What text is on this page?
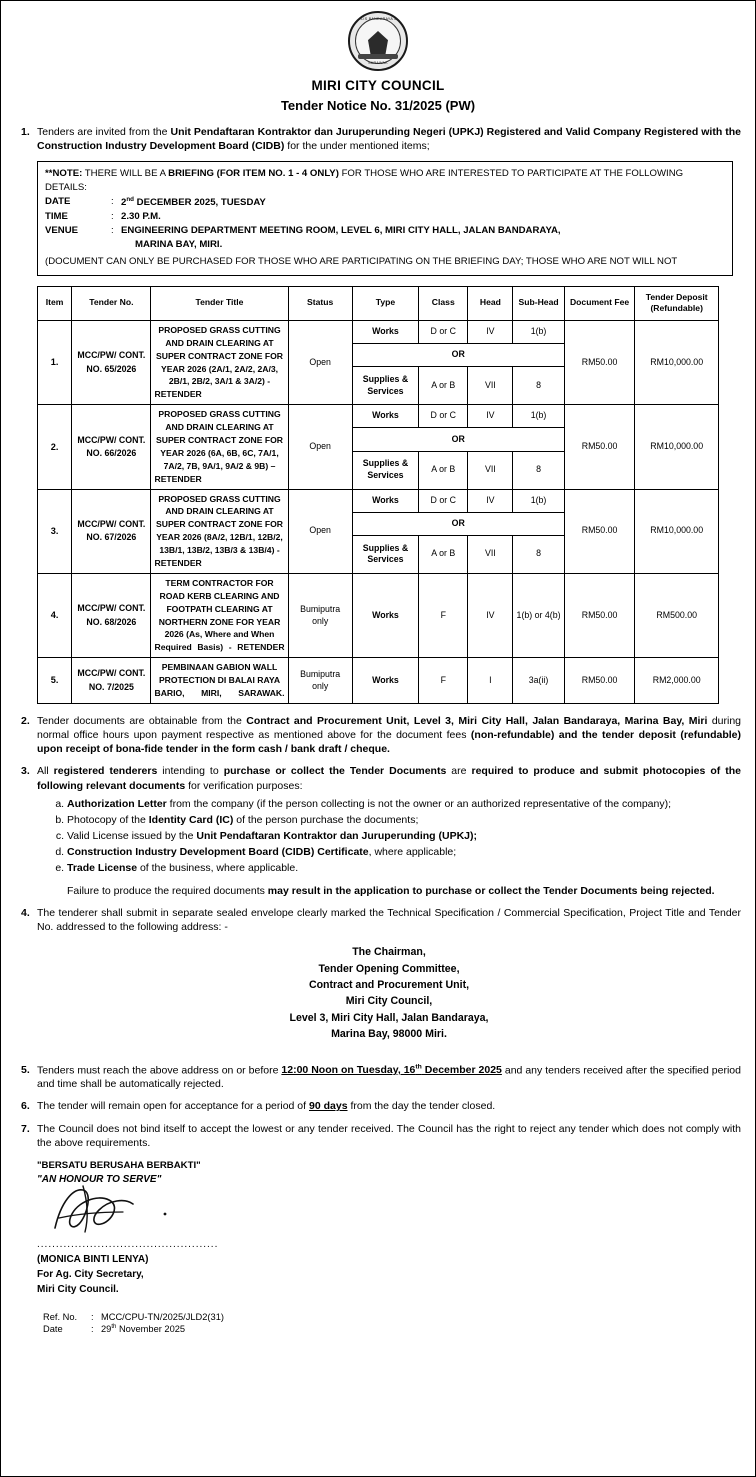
MAJLIS BANDARAYA MIRI
SARAWAK
MIRI CITY COUNCIL
Tender Notice No. 31/2025 (PW)
1. Tenders are invited from the Unit Pendaftaran Kontraktor dan Juruperunding Negeri (UPKJ) Registered and Valid Company Registered with the Construction Industry Development Board (CIDB) for the under mentioned items;
**NOTE: THERE WILL BE A BRIEFING (FOR ITEM NO. 1 - 4 ONLY) FOR THOSE WHO ARE INTERESTED TO PARTICIPATE AT THE FOLLOWING DETAILS:
DATE	: 2nd DECEMBER 2025, TUESDAY
TIME	: 2.30 P.M.
VENUE	: ENGINEERING DEPARTMENT MEETING ROOM, LEVEL 6, MIRI CITY HALL, JALAN BANDARAYA,
MARINA BAY, MIRI.
(DOCUMENT CAN ONLY BE PURCHASED FOR THOSE WHO ARE PARTICIPATING ON THE BRIEFING DAY; THOSE WHO ARE NOT WILL NOT
Item	Tender No.	Tender Title	Status	Type	Class	Head	Sub-Head	Document Fee	Tender Deposit (Refundable)
1.	MCC/PW/ CONT. NO. 65/2026	PROPOSED GRASS CUTTING AND DRAIN CLEARING AT SUPER CONTRACT ZONE FOR YEAR 2026 (2A/1, 2A/2, 2A/3, 2B/1, 2B/2, 3A/1 & 3A/2) - RETENDER	Open	Works	D or C	IV	1(b)	RM50.00	RM10,000.00
				OR					
				Supplies & Services	A or B	VII	8		
2.	MCC/PW/ CONT. NO. 66/2026	PROPOSED GRASS CUTTING AND DRAIN CLEARING AT SUPER CONTRACT ZONE FOR YEAR 2026 (6A, 6B, 6C, 7A/1, 7A/2, 7B, 9A/1, 9A/2 & 9B) – RETENDER	Open	Works	D or C	IV	1(b)	RM50.00	RM10,000.00
				OR					
				Supplies & Services	A or B	VII	8		
3.	MCC/PW/ CONT. NO. 67/2026	PROPOSED GRASS CUTTING AND DRAIN CLEARING AT SUPER CONTRACT ZONE FOR YEAR 2026 (8A/2, 12B/1, 12B/2, 13B/1, 13B/2, 13B/3 & 13B/4) - RETENDER	Open	Works	D or C	IV	1(b)	RM50.00	RM10,000.00
				OR					
				Supplies & Services	A or B	VII	8		
4.	MCC/PW/ CONT. NO. 68/2026	TERM CONTRACTOR FOR ROAD KERB CLEARING AND FOOTPATH CLEARING AT NORTHERN ZONE FOR YEAR 2026 (As, Where and When Required Basis) - RETENDER	Bumiputra only	Works	F	IV	1(b) or 4(b)	RM50.00	RM500.00
5.	MCC/PW/ CONT. NO. 7/2025	PEMBINAAN GABION WALL PROTECTION DI BALAI RAYA BARIO, MIRI, SARAWAK.	Bumiputra only	Works	F	I	3a(ii)	RM50.00	RM2,000.00
2. Tender documents are obtainable from the Contract and Procurement Unit, Level 3, Miri City Hall, Jalan Bandaraya, Marina Bay, Miri during normal office hours upon payment respective as mentioned above for the document fees (non-refundable) and the tender deposit (refundable) upon receipt of bona-fide tender in the form cash / bank draft / cheque.
3. All registered tenderers intending to purchase or collect the Tender Documents are required to produce and submit photocopies of the following relevant documents for verification purposes:
a. Authorization Letter from the company (if the person collecting is not the owner or an authorized representative of the company);
b. Photocopy of the Identity Card (IC) of the person purchase the documents;
c. Valid License issued by the Unit Pendaftaran Kontraktor dan Juruperunding (UPKJ);
d. Construction Industry Development Board (CIDB) Certificate, where applicable;
e. Trade License of the business, where applicable.
Failure to produce the required documents may result in the application to purchase or collect the Tender Documents being rejected.
4. The tenderer shall submit in separate sealed envelope clearly marked the Technical Specification / Commercial Specification, Project Title and Tender No. addressed to the following address: -
The Chairman,
Tender Opening Committee,
Contract and Procurement Unit,
Miri City Council,
Level 3, Miri City Hall, Jalan Bandaraya,
Marina Bay, 98000 Miri.
5. Tenders must reach the above address on or before 12:00 Noon on Tuesday, 16th December 2025 and any tenders received after the specified period and time shall be automatically rejected.
6. The tender will remain open for acceptance for a period of 90 days from the day the tender closed.
7. The Council does not bind itself to accept the lowest or any tender received. The Council has the right to reject any tender which does not comply with the above requirements.
"BERSATU BERUSAHA BERBAKTI"
"AN HONOUR TO SERVE"
................................................
(MONICA BINTI LENYA)
For Ag. City Secretary,
Miri City Council.
Ref. No.	: MCC/CPU-TN/2025/JLD2(31)
Date	: 29th November 2025
